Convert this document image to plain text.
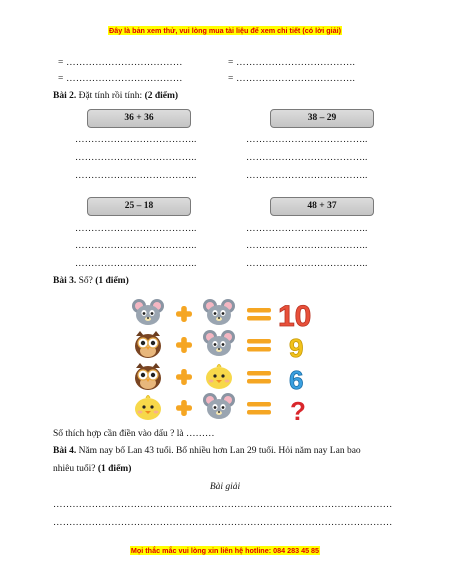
Đây là bản xem thử, vui lòng mua tài liệu để xem chi tiết (có lời giải)
= ………………………………	= ……………………………….
= ………………………………	= ……………………………….
Bài 2. Đặt tính rồi tính: (2 điểm)
36 + 36	38 – 29
………………………………..	………………………………..
………………………………..	………………………………..
………………………………..	………………………………..
25 – 18	48 + 37
………………………………..	………………………………..
………………………………..	………………………………..
………………………………..	………………………………..
Bài 3. Số? (1 điểm)
10
9
6
?
Số thích hợp cần điền vào dấu ? là ………
Bài 4. Năm nay bố Lan 43 tuổi. Bố nhiều hơn Lan 29 tuổi. Hỏi năm nay Lan bao
nhiêu tuổi? (1 điểm)
Bài giải
……………………………………………………………………………………………
……………………………………………………………………………………………
Mọi thắc mắc vui lòng xin liên hệ hotline: 084 283 45 85
